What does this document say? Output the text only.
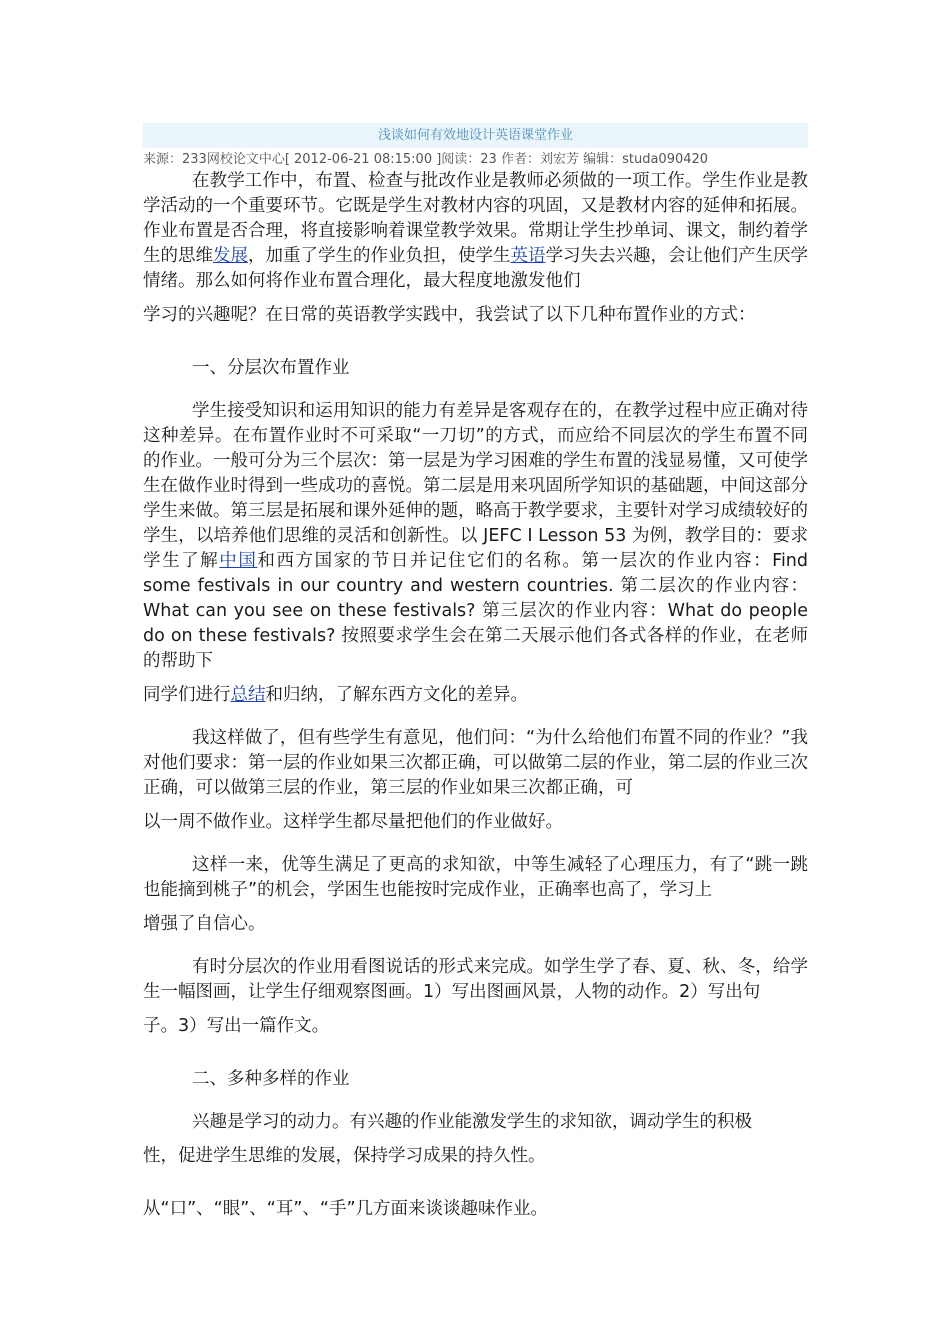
浅谈如何有效地设计英语课堂作业
来源：233网校论文中心[ 2012-06-21 08:15:00 ]阅读：23 作者：刘宏芳 编辑：studa090420

在教学工作中，布置、检查与批改作业是教师必须做的一项工作。学生作业是教学活动的一个重要环节。它既是学生对教材内容的巩固，又是教材内容的延伸和拓展。作业布置是否合理，将直接影响着课堂教学效果。常期让学生抄单词、课文，制约着学生的思维发展，加重了学生的作业负担，使学生英语学习失去兴趣，会让他们产生厌学情绪。那么如何将作业布置合理化，最大程度地激发他们

学习的兴趣呢？在日常的英语教学实践中，我尝试了以下几种布置作业的方式：

一、分层次布置作业

学生接受知识和运用知识的能力有差异是客观存在的，在教学过程中应正确对待这种差异。在布置作业时不可采取“一刀切”的方式，而应给不同层次的学生布置不同的作业。一般可分为三个层次：第一层是为学习困难的学生布置的浅显易懂，又可使学生在做作业时得到一些成功的喜悦。第二层是用来巩固所学知识的基础题，中间这部分学生来做。第三层是拓展和课外延伸的题，略高于教学要求，主要针对学习成绩较好的学生，以培养他们思维的灵活和创新性。以 JEFC I Lesson 53 为例，教学目的：要求学生了解中国和西方国家的节日并记住它们的名称。第一层次的作业内容：Find some festivals in our country and western countries. 第二层次的作业内容：What can you see on these festivals? 第三层次的作业内容：What do people do on these festivals? 按照要求学生会在第二天展示他们各式各样的作业，在老师的帮助下

同学们进行总结和归纳，了解东西方文化的差异。

我这样做了，但有些学生有意见，他们问：“为什么给他们布置不同的作业？”我对他们要求：第一层的作业如果三次都正确，可以做第二层的作业，第二层的作业三次正确，可以做第三层的作业，第三层的作业如果三次都正确，可

以一周不做作业。这样学生都尽量把他们的作业做好。

这样一来，优等生满足了更高的求知欲，中等生减轻了心理压力，有了“跳一跳也能摘到桃子”的机会，学困生也能按时完成作业，正确率也高了，学习上

增强了自信心。

有时分层次的作业用看图说话的形式来完成。如学生学了春、夏、秋、冬，给学生一幅图画，让学生仔细观察图画。1）写出图画风景，人物的动作。2）写出句

子。3）写出一篇作文。

二、多种多样的作业

兴趣是学习的动力。有兴趣的作业能激发学生的求知欲，调动学生的积极

性，促进学生思维的发展，保持学习成果的持久性。

从“口”、“眼”、“耳”、“手”几方面来谈谈趣味作业。
